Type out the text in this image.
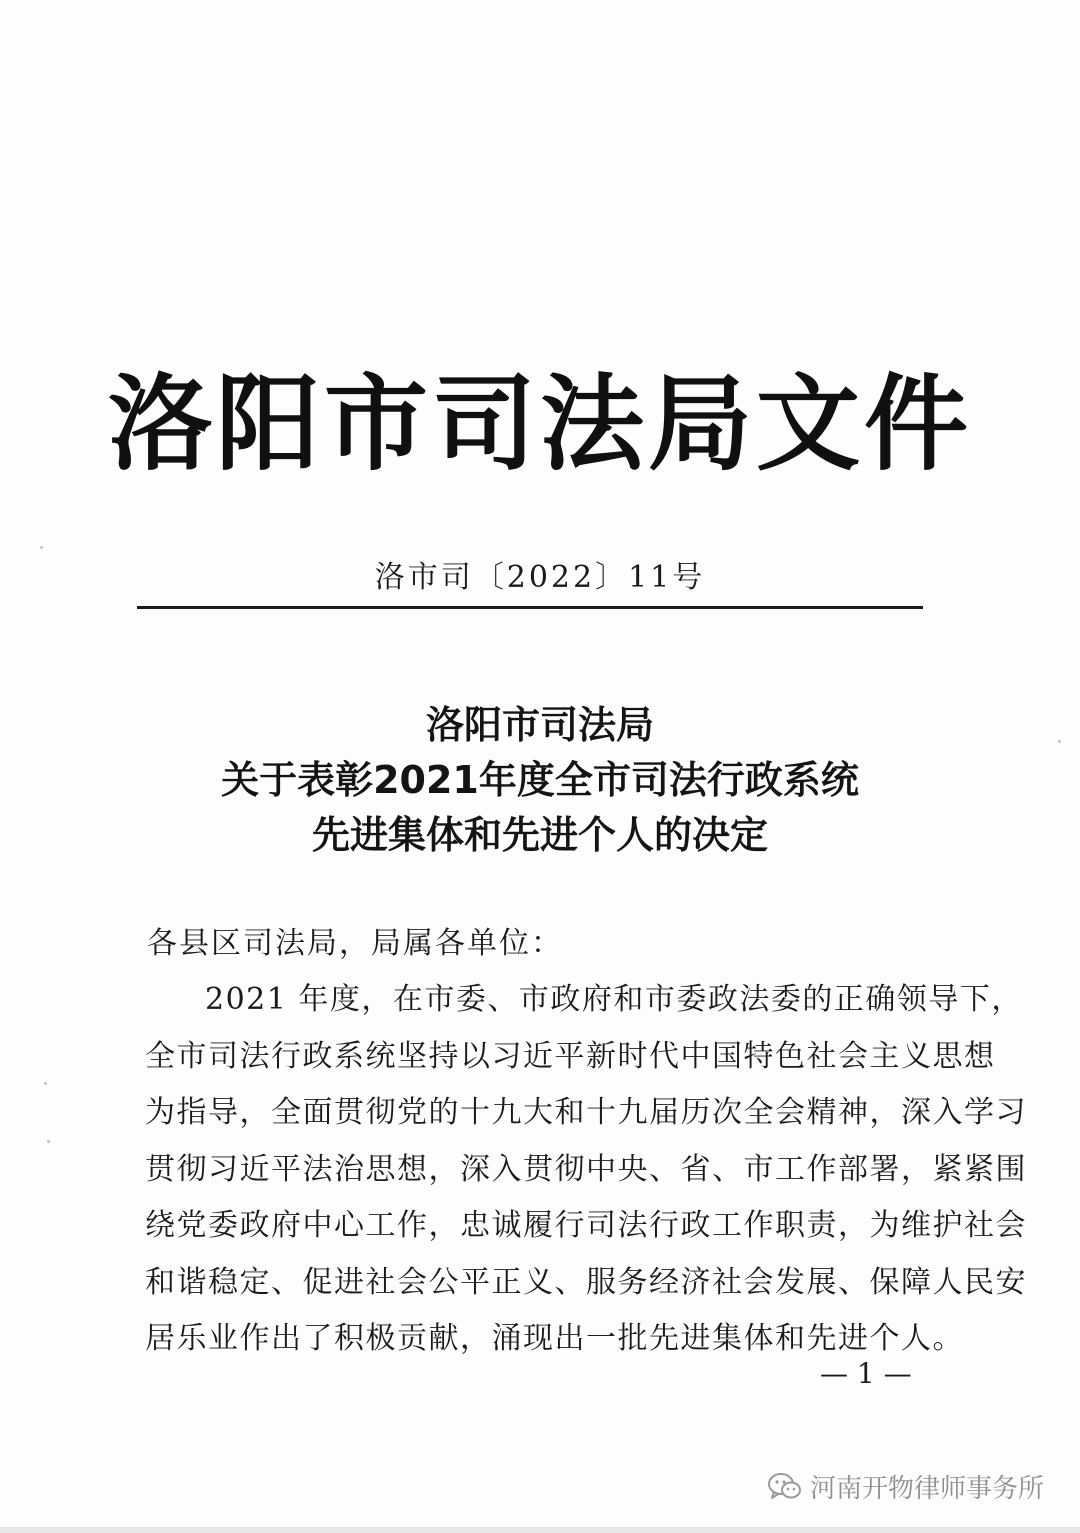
洛阳市司法局文件
洛市司〔2022〕11号
洛阳市司法局
关于表彰2021年度全市司法行政系统
先进集体和先进个人的决定
各县区司法局，局属各单位：
2021 年度，在市委、市政府和市委政法委的正确领导下，
全市司法行政系统坚持以习近平新时代中国特色社会主义思想
为指导，全面贯彻党的十九大和十九届历次全会精神，深入学习
贯彻习近平法治思想，深入贯彻中央、省、市工作部署，紧紧围
绕党委政府中心工作，忠诚履行司法行政工作职责，为维护社会
和谐稳定、促进社会公平正义、服务经济社会发展、保障人民安
居乐业作出了积极贡献，涌现出一批先进集体和先进个人。
— 1 —
河南开物律师事务所
